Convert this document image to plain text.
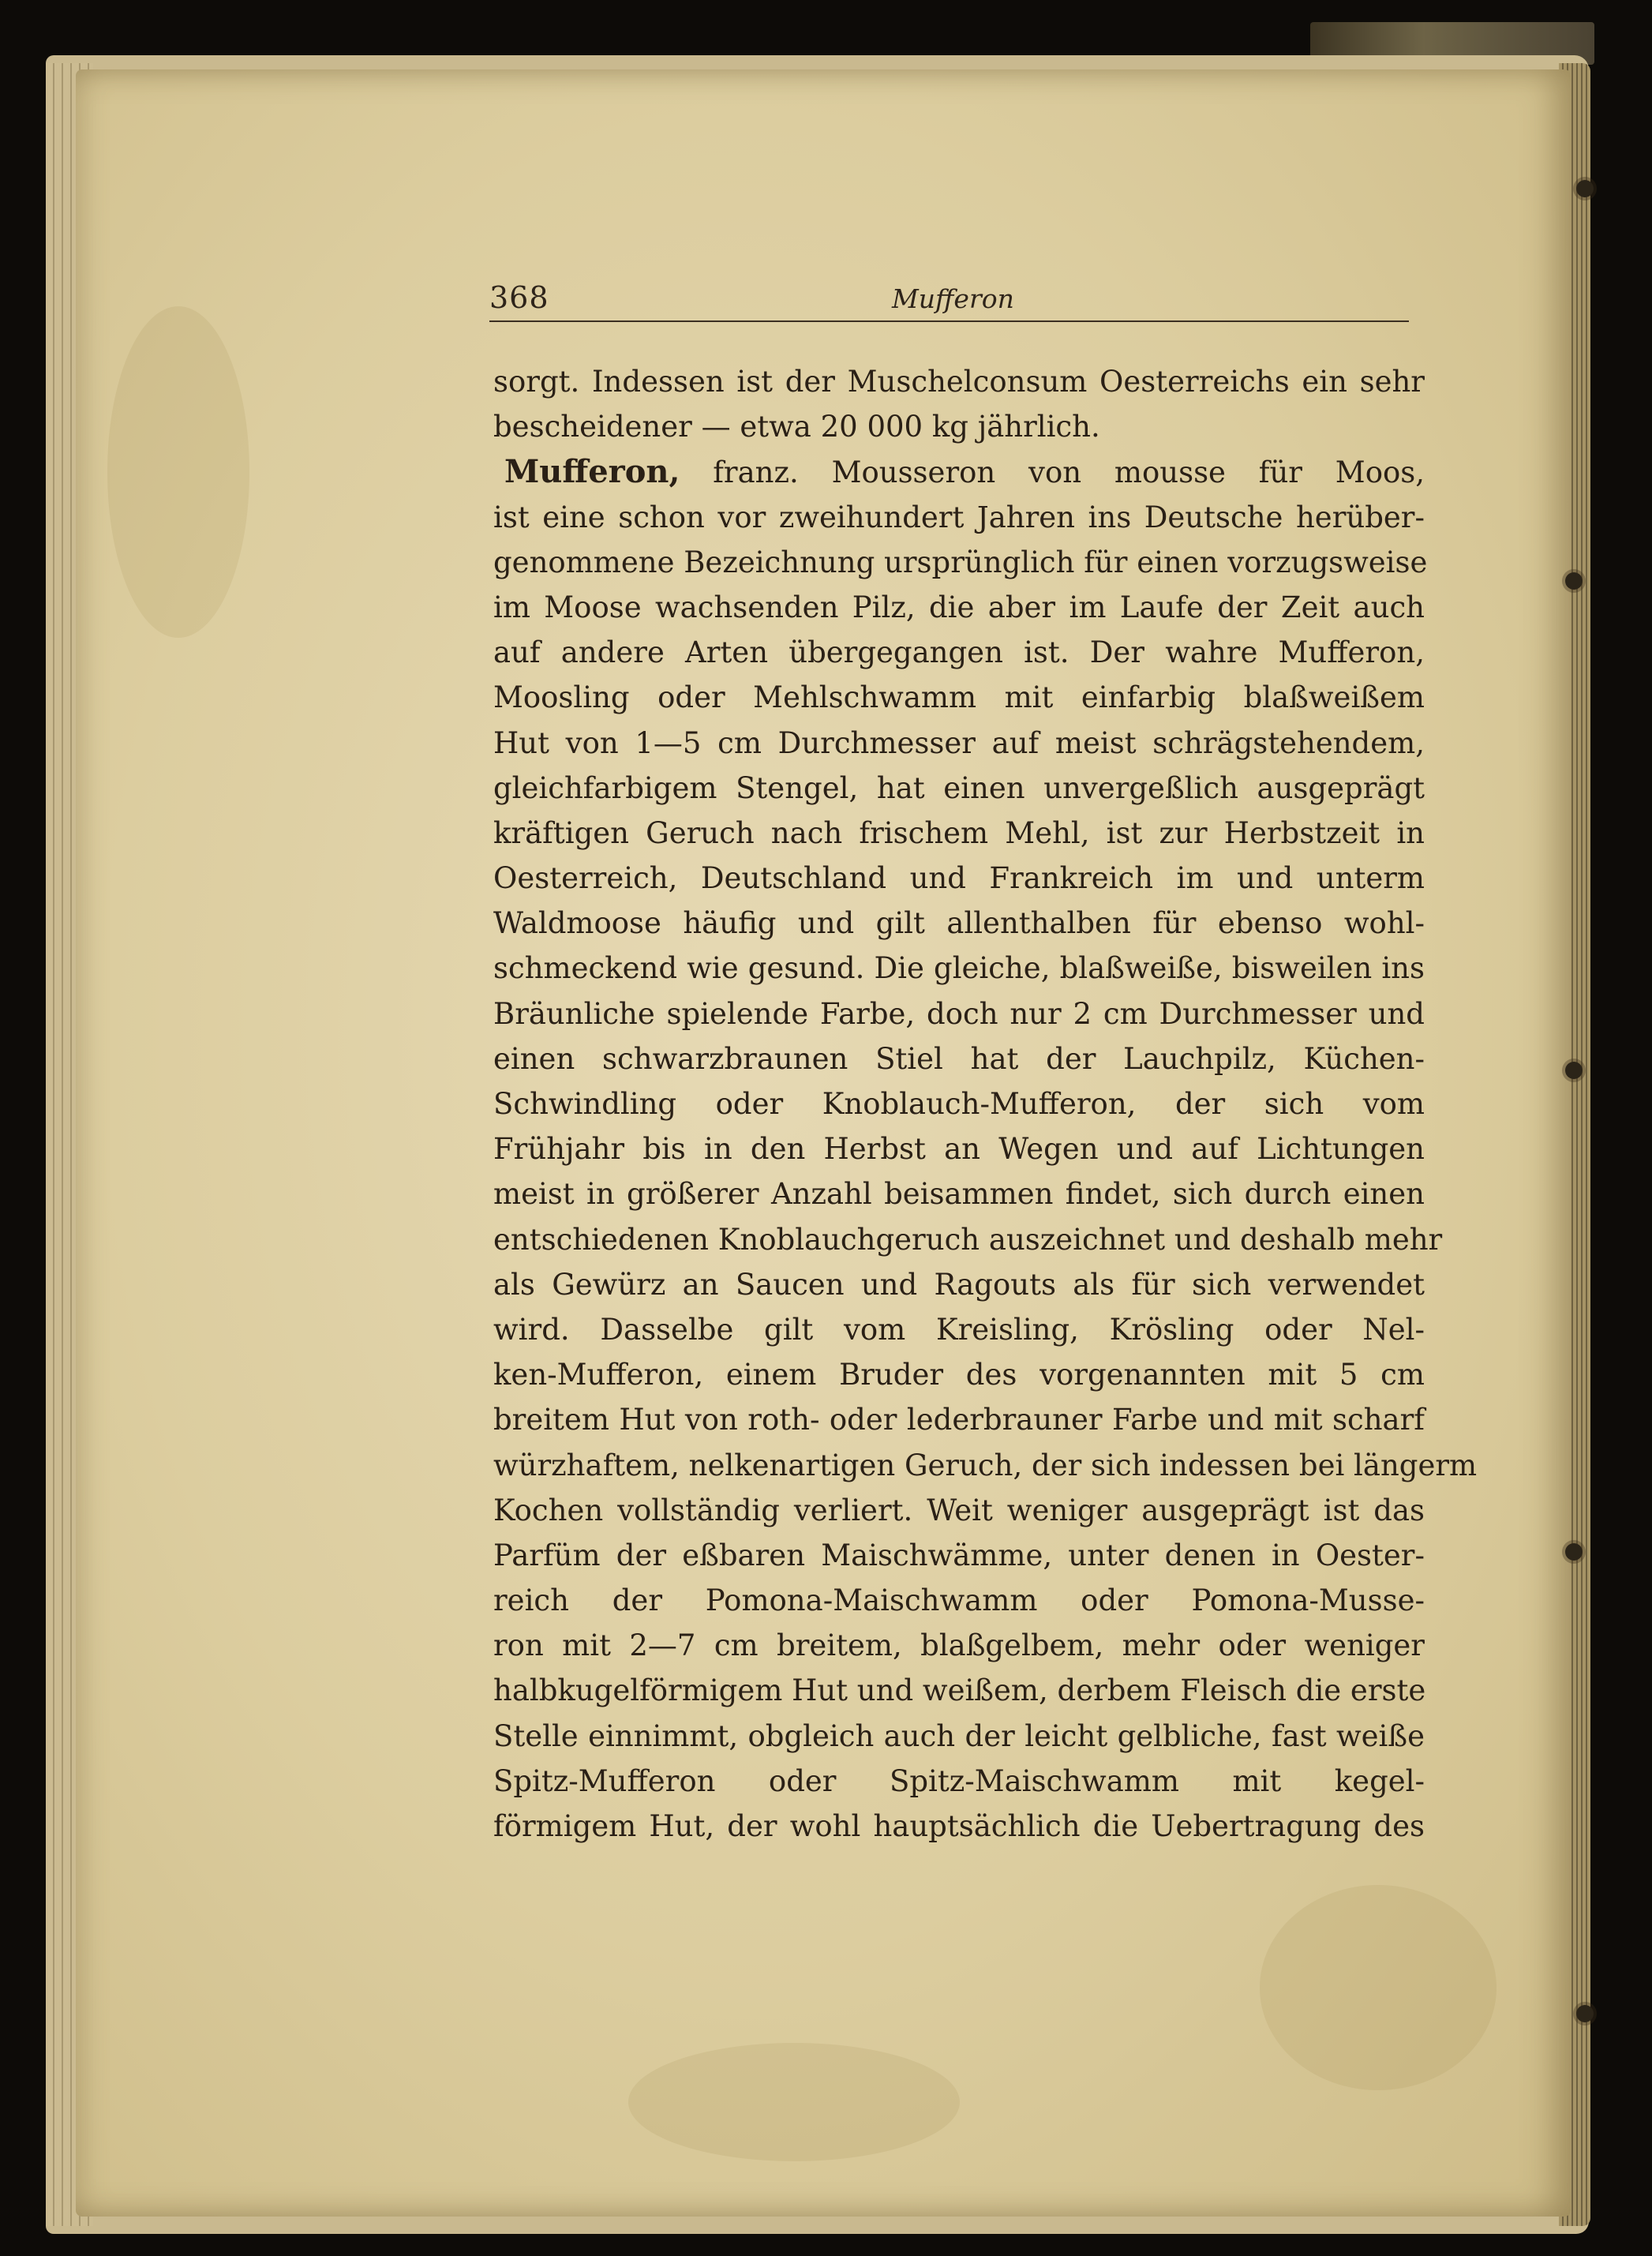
368	Mufferon
sorgt. Indessen ist der Muschelconsum Oesterreichs ein sehr
bescheidener — etwa 20 000 kg jährlich.
Mufferon, franz. Mousseron von mousse für Moos,
ist eine schon vor zweihundert Jahren ins Deutsche herüber-
genommene Bezeichnung ursprünglich für einen vorzugsweise
im Moose wachsenden Pilz, die aber im Laufe der Zeit auch
auf andere Arten übergegangen ist. Der wahre Mufferon,
Moosling oder Mehlschwamm mit einfarbig blaßweißem
Hut von 1—5 cm Durchmesser auf meist schrägstehendem,
gleichfarbigem Stengel, hat einen unvergeßlich ausgeprägt
kräftigen Geruch nach frischem Mehl, ist zur Herbstzeit in
Oesterreich, Deutschland und Frankreich im und unterm
Waldmoose häufig und gilt allenthalben für ebenso wohl-
schmeckend wie gesund. Die gleiche, blaßweiße, bisweilen ins
Bräunliche spielende Farbe, doch nur 2 cm Durchmesser und
einen schwarzbraunen Stiel hat der Lauchpilz, Küchen-
Schwindling oder Knoblauch-Mufferon, der sich vom
Frühjahr bis in den Herbst an Wegen und auf Lichtungen
meist in größerer Anzahl beisammen findet, sich durch einen
entschiedenen Knoblauchgeruch auszeichnet und deshalb mehr
als Gewürz an Saucen und Ragouts als für sich verwendet
wird. Dasselbe gilt vom Kreisling, Krösling oder Nel-
ken-Mufferon, einem Bruder des vorgenannten mit 5 cm
breitem Hut von roth- oder lederbrauner Farbe und mit scharf
würzhaftem, nelkenartigen Geruch, der sich indessen bei längerm
Kochen vollständig verliert. Weit weniger ausgeprägt ist das
Parfüm der eßbaren Maischwämme, unter denen in Oester-
reich der Pomona-Maischwamm oder Pomona-Musse-
ron mit 2—7 cm breitem, blaßgelbem, mehr oder weniger
halbkugelförmigem Hut und weißem, derbem Fleisch die erste
Stelle einnimmt, obgleich auch der leicht gelbliche, fast weiße
Spitz-Mufferon oder Spitz-Maischwamm mit kegel-
förmigem Hut, der wohl hauptsächlich die Uebertragung des
